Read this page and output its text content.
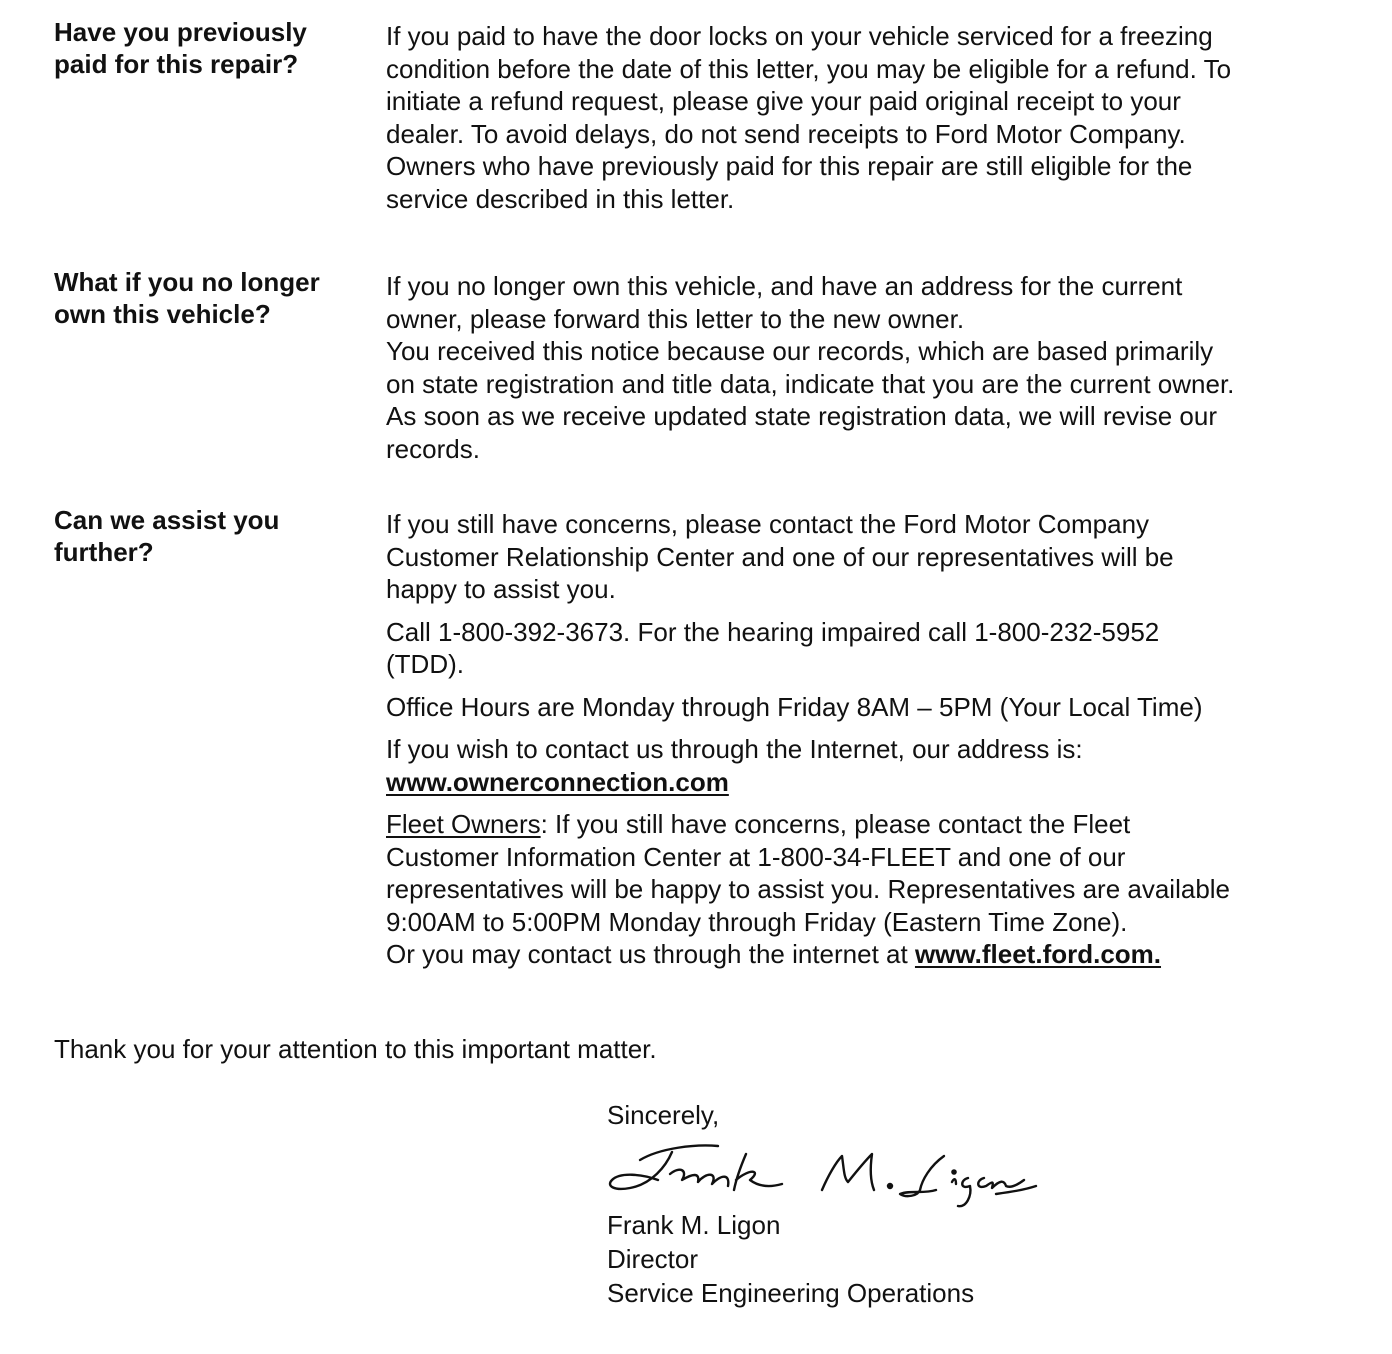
Have you previously
paid for this repair?
If you paid to have the door locks on your vehicle serviced for a freezing
condition before the date of this letter, you may be eligible for a refund. To
initiate a refund request, please give your paid original receipt to your
dealer. To avoid delays, do not send receipts to Ford Motor Company.
Owners who have previously paid for this repair are still eligible for the
service described in this letter.
What if you no longer
own this vehicle?
If you no longer own this vehicle, and have an address for the current
owner, please forward this letter to the new owner.
You received this notice because our records, which are based primarily
on state registration and title data, indicate that you are the current owner.
As soon as we receive updated state registration data, we will revise our
records.
Can we assist you
further?
If you still have concerns, please contact the Ford Motor Company
Customer Relationship Center and one of our representatives will be
happy to assist you.
Call 1-800-392-3673. For the hearing impaired call 1-800-232-5952
(TDD).
Office Hours are Monday through Friday 8AM – 5PM (Your Local Time)
If you wish to contact us through the Internet, our address is:
www.ownerconnection.com
Fleet Owners: If you still have concerns, please contact the Fleet
Customer Information Center at 1-800-34-FLEET and one of our
representatives will be happy to assist you. Representatives are available
9:00AM to 5:00PM Monday through Friday (Eastern Time Zone).
Or you may contact us through the internet at www.fleet.ford.com.
Thank you for your attention to this important matter.
Sincerely,
Frank M. Ligon
Director
Service Engineering Operations
